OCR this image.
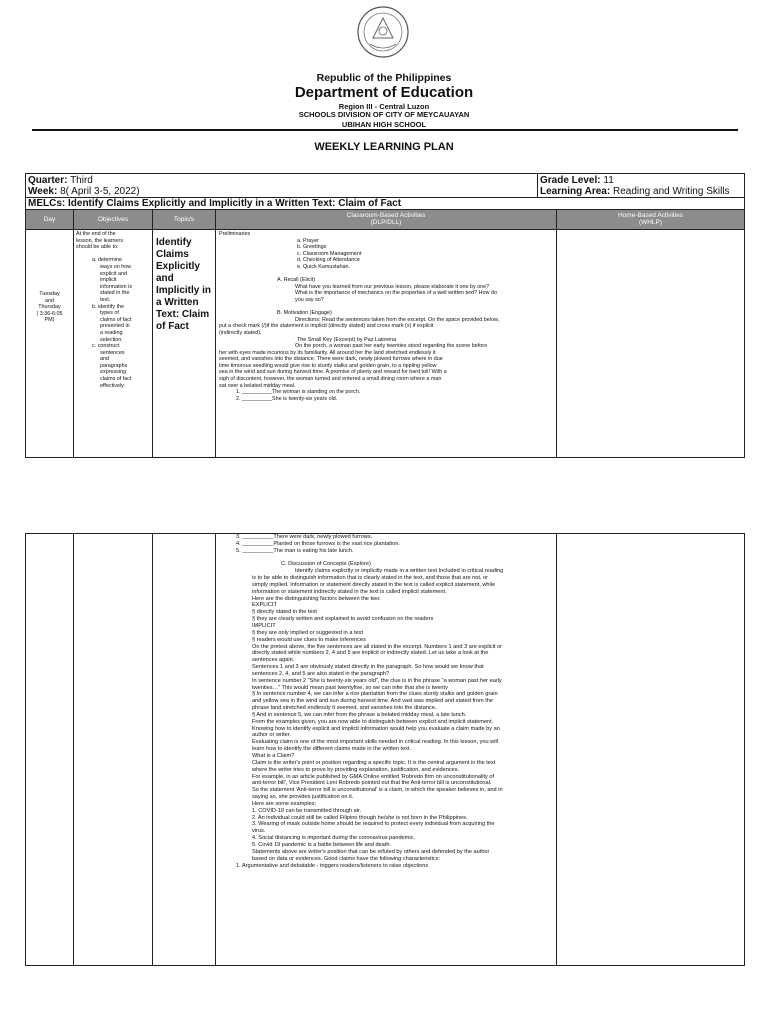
Republic of the Philippines
Department of Education
Region III - Central Luzon
SCHOOLS DIVISION OF CITY OF MEYCAUAYAN
UBIHAN HIGH SCHOOL
WEEKLY LEARNING PLAN
Quarter: Third
Week: 8( April 3-5, 2022)
Grade Level: 11
Learning Area: Reading and Writing Skills
MELCs: Identify Claims Explicitly and Implicitly in a Written Text: Claim of Fact
Day	Objectives	Topic/s
Classroom-Based Activities
(DLP/DLL)
Home-Based Activities
(WHLP)

Tuesday

and

Thursday

( 3:36-6:05

PM)

At the end of the

lesson, the learners

should be able to:

a. determine

ways on how

explicit and

implicit

information is

stated in the

text.

b. identify the

types of

claims of fact

presented in

a reading

selection.

c. construct

sentences

and

paragraphs

expressing

claims of fact

effectively.

Identify

Claims

Explicitly

and

Implicitly in

a Written

Text: Claim

of Fact

Preliminaries

a. Prayer

b. Greetings

c. Classroom Management

d. Checking of Attendance

e. Quick Kamustahan.

A. Recall (Elicit)

What have you learned from our previous lesson, please elaborate it one by one?

What is the importance of mechanics on the properties of a well written text? How do

you say so?

B. Motivation (Engage)

Directions: Read the sentences taken from the excerpt. On the space provided below,

put a check mark (/)if the statement is implicit (directly stated) and cross mark (x) if explicit

(indirectly stated).

The Small Key (Excerpt) by Paz Latorena

On the porch, a woman past her early twenties stood regarding the scene before

her with eyes made incurious by its familiarity. All around her the land stretched endlessly it

seemed, and vanishes into the distance. There were dark, newly plowed furrows where in due

time timorous seedling would give rise to sturdy stalks and golden grain, to a rippling yellow

sea in the wind and sun during harvest time. A promise of plenty and reward for hard toil! With a

sigh of discontent, however, the woman turned and entered a small dining room where a man

sat over a belated midday meal.

1. __________The woman is standing on the porch.

2. __________She is twenty-six years old.

3. __________There were dark, newly plowed furrows.

4. __________Planted on those furrows is the vast rice plantation.

5. __________The man is eating his late lunch.

C. Discussion of Concepts (Explore)

Identify claims explicitly or implicitly made in a written text Included in critical reading

is to be able to distinguish information that is clearly stated in the text, and those that are not, or

simply implied. Information or statement directly stated in the text is called explicit statement, while

information or statement indirectly stated in the text is called implicit statement.

Here are the distinguishing factors between the two:

EXPLICIT

§ directly stated in the text

§ they are clearly written and explained to avoid confusion on the readers

IMPLICIT

§ they are only implied or suggested in a text

§ readers would use clues to make inferences

On the pretest above, the five sentences are all stated in the excerpt. Numbers 1 and 3 are explicit or

directly stated while numbers 2, 4 and 5 are implicit or indirectly stated. Let us take a look at the

sentences again.

Sentences 1 and 3 are obviously stated directly in the paragraph. So how would we know that

sentences 2, 4, and 5 are also stated in the paragraph?

In sentence number 2 "She is twenty-six years old", the clue is in the phrase "a woman past her early

twenties…" This would mean past twentyfive, so we can infer that she is twenty

§ In sentence number 4, we can infer a rice plantation from the clues sturdy stalks and golden grain

and yellow sea in the wind and sun during harvest time. And vast was implied and stated from the

phrase land stretched endlessly it seemed, and vanishes into the distance.

§ And in sentence 5, we can infer from the phrase a belated midday meal, a late lunch.

From the examples given, you are now able to distinguish between explicit and implicit statement.

Knowing how to identify explicit and implicit information would help you evaluate a claim made by an

author or writer.

Evaluating claim is one of the most important skills needed in critical reading. In this lesson, you will

learn how to identify the different claims made in the written text.

What is a Claim?

Claim is the writer's point or position regarding a specific topic. It is the central argument in the text

where the writer tries to prove by providing explanation, justification, and evidences.

For example, in an article published by GMA Online entitled 'Robredo firm on unconstitutionality of

anti-terror bill', Vice President Leni Robredo pointed out that the Anti-terror bill is unconstitutional.

So the statement 'Anti-terror bill is unconstitutional' is a claim, in which the speaker believes in, and in

saying so, she provides justification on it.

Here are some examples:

1. COVID-19 can be transmitted through air.

2. An individual could still be called Filipino though he/she is not born in the Philippines.

3. Wearing of mask outside home should be required to protect every individual from acquiring the

virus.

4. Social distancing is important during the coronavirus pandemic.

5. Covid 19 pandemic is a battle between life and death.

Statements above are writer's position that can be refuted by others and defended by the author

based on data or evidences. Good claims have the following characteristics:

1. Argumentative and debatable - triggers readers/listeners to raise objections
